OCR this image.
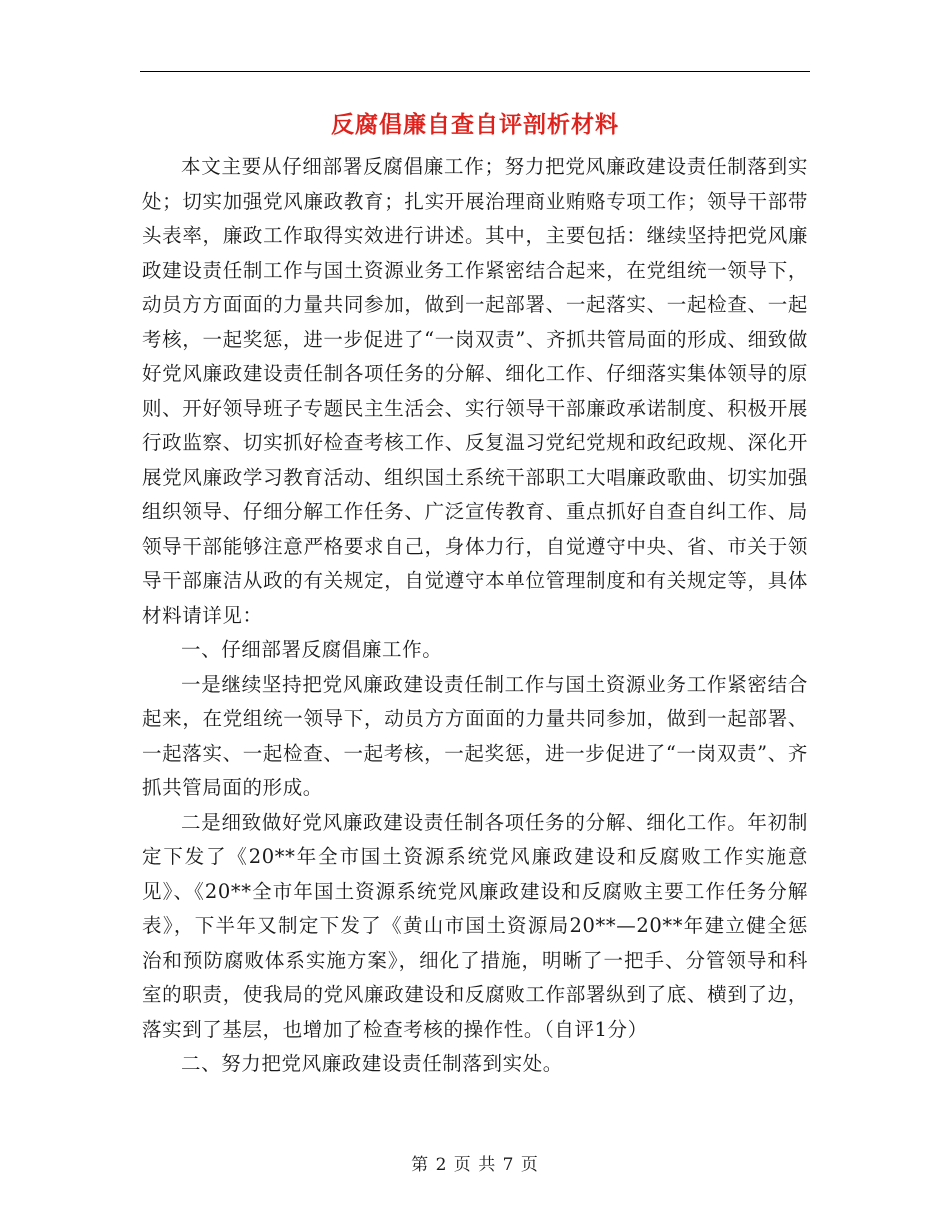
反腐倡廉自查自评剖析材料

本文主要从仔细部署反腐倡廉工作；努力把党风廉政建设责任制落到实处；切实加强党风廉政教育；扎实开展治理商业贿赂专项工作；领导干部带头表率，廉政工作取得实效进行讲述。其中，主要包括：继续坚持把党风廉政建设责任制工作与国土资源业务工作紧密结合起来，在党组统一领导下，动员方方面面的力量共同参加，做到一起部署、一起落实、一起检查、一起考核，一起奖惩，进一步促进了“一岗双责”、齐抓共管局面的形成、细致做好党风廉政建设责任制各项任务的分解、细化工作、仔细落实集体领导的原则、开好领导班子专题民主生活会、实行领导干部廉政承诺制度、积极开展行政监察、切实抓好检查考核工作、反复温习党纪党规和政纪政规、深化开展党风廉政学习教育活动、组织国土系统干部职工大唱廉政歌曲、切实加强组织领导、仔细分解工作任务、广泛宣传教育、重点抓好自查自纠工作、局领导干部能够注意严格要求自己，身体力行，自觉遵守中央、省、市关于领导干部廉洁从政的有关规定，自觉遵守本单位管理制度和有关规定等，具体材料请详见：

一、仔细部署反腐倡廉工作。

一是继续坚持把党风廉政建设责任制工作与国土资源业务工作紧密结合起来，在党组统一领导下，动员方方面面的力量共同参加，做到一起部署、一起落实、一起检查、一起考核，一起奖惩，进一步促进了“一岗双责”、齐抓共管局面的形成。

二是细致做好党风廉政建设责任制各项任务的分解、细化工作。年初制定下发了《20**年全市国土资源系统党风廉政建设和反腐败工作实施意见》、《20**全市年国土资源系统党风廉政建设和反腐败主要工作任务分解表》，下半年又制定下发了《黄山市国土资源局20**—20**年建立健全惩治和预防腐败体系实施方案》，细化了措施，明晰了一把手、分管领导和科室的职责，使我局的党风廉政建设和反腐败工作部署纵到了底、横到了边，落实到了基层，也增加了检查考核的操作性。（自评1分）

二、努力把党风廉政建设责任制落到实处。

第 2 页 共 7 页
